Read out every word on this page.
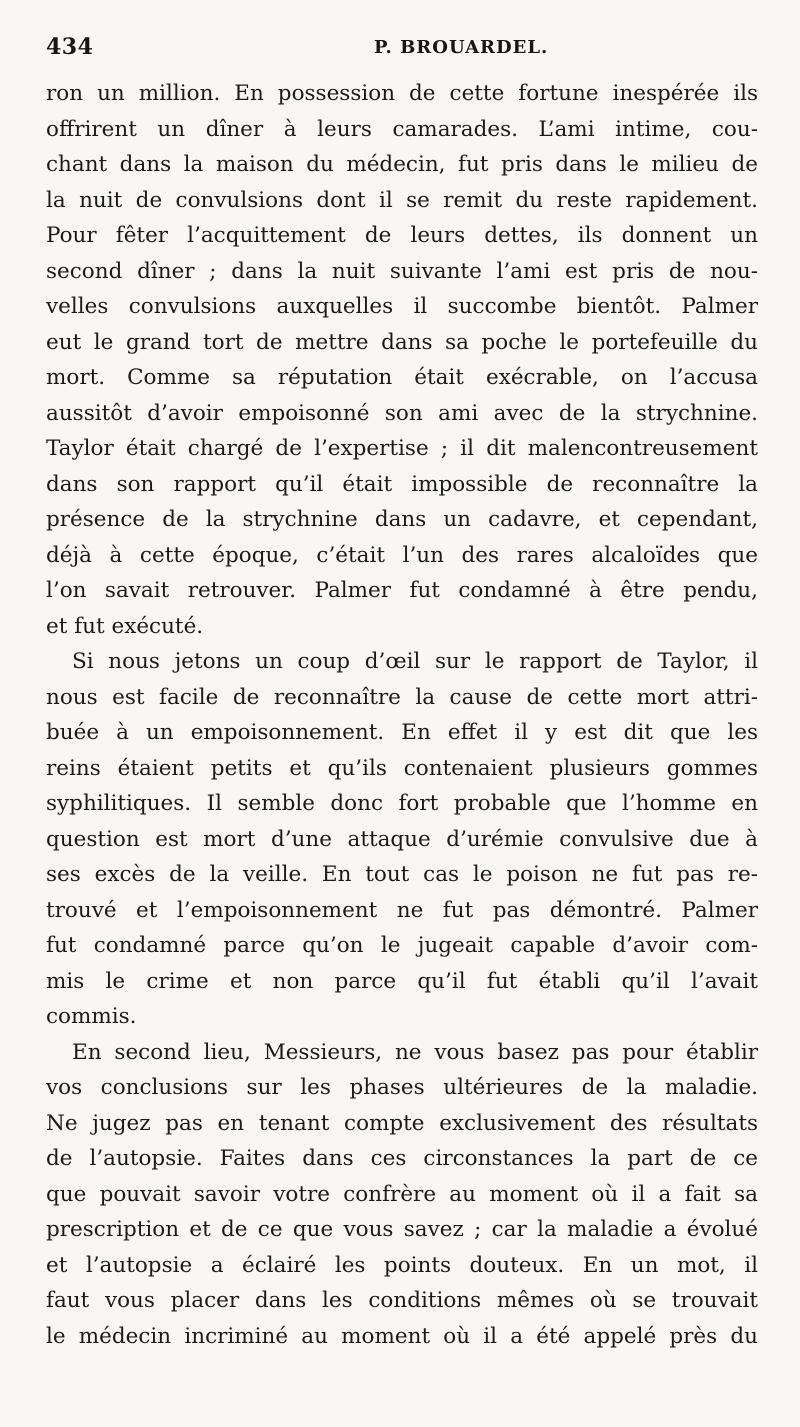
434	P. BROUARDEL.
ron un million. En possession de cette fortune inespérée ils
offrirent un dîner à leurs camarades. L’ami intime, cou-
chant dans la maison du médecin, fut pris dans le milieu de
la nuit de convulsions dont il se remit du reste rapidement.
Pour fêter l’acquittement de leurs dettes, ils donnent un
second dîner ; dans la nuit suivante l’ami est pris de nou-
velles convulsions auxquelles il succombe bientôt. Palmer
eut le grand tort de mettre dans sa poche le portefeuille du
mort. Comme sa réputation était exécrable, on l’accusa
aussitôt d’avoir empoisonné son ami avec de la strychnine.
Taylor était chargé de l’expertise ; il dit malencontreusement
dans son rapport qu’il était impossible de reconnaître la
présence de la strychnine dans un cadavre, et cependant,
déjà à cette époque, c’était l’un des rares alcaloïdes que
l’on savait retrouver. Palmer fut condamné à être pendu,
et fut exécuté.
Si nous jetons un coup d’œil sur le rapport de Taylor, il
nous est facile de reconnaître la cause de cette mort attri-
buée à un empoisonnement. En effet il y est dit que les
reins étaient petits et qu’ils contenaient plusieurs gommes
syphilitiques. Il semble donc fort probable que l’homme en
question est mort d’une attaque d’urémie convulsive due à
ses excès de la veille. En tout cas le poison ne fut pas re-
trouvé et l’empoisonnement ne fut pas démontré. Palmer
fut condamné parce qu’on le jugeait capable d’avoir com-
mis le crime et non parce qu’il fut établi qu’il l’avait
commis.
En second lieu, Messieurs, ne vous basez pas pour établir
vos conclusions sur les phases ultérieures de la maladie.
Ne jugez pas en tenant compte exclusivement des résultats
de l’autopsie. Faites dans ces circonstances la part de ce
que pouvait savoir votre confrère au moment où il a fait sa
prescription et de ce que vous savez ; car la maladie a évolué
et l’autopsie a éclairé les points douteux. En un mot, il
faut vous placer dans les conditions mêmes où se trouvait
le médecin incriminé au moment où il a été appelé près du
